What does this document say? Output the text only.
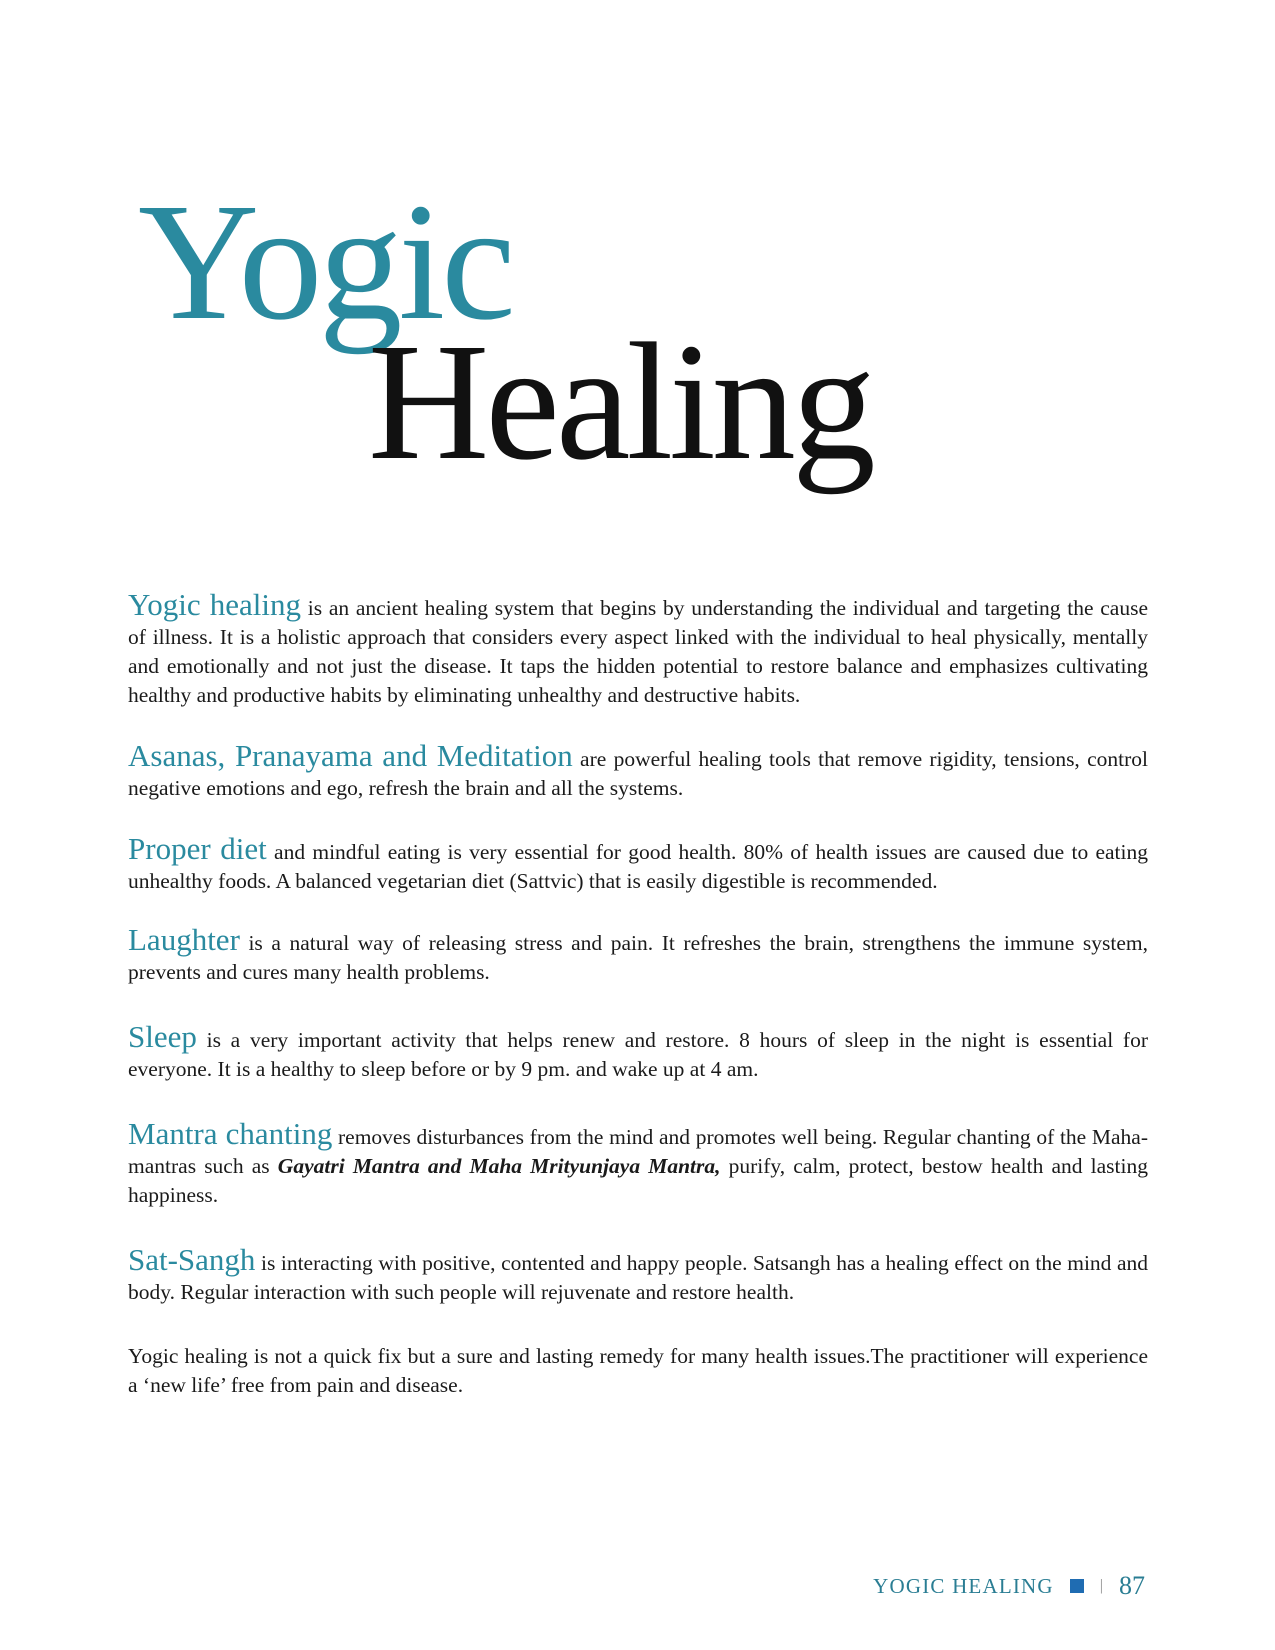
Yogic
Healing

Yogic healing is an ancient healing system that begins by understanding the individual and targeting the cause of illness. It is a holistic approach that considers every aspect linked with the individual to heal physically, mentally and emotionally and not just the disease. It taps the hidden potential to restore balance and emphasizes cultivating healthy and productive habits by eliminating unhealthy and destructive habits.

Asanas, Pranayama and Meditation are powerful healing tools that remove rigidity, tensions, control negative emotions and ego, refresh the brain and all the systems.

Proper diet and mindful eating is very essential for good health. 80% of health issues are caused due to eating unhealthy foods. A balanced vegetarian diet (Sattvic) that is easily digestible is recommended.

Laughter is a natural way of releasing stress and pain. It refreshes the brain, strengthens the immune system, prevents and cures many health problems.

Sleep is a very important activity that helps renew and restore. 8 hours of sleep in the night is essential for everyone. It is a healthy to sleep before or by 9 pm. and wake up at 4 am.

Mantra chanting removes disturbances from the mind and promotes well being. Regular chanting of the Maha-mantras such as Gayatri Mantra and Maha Mrityunjaya Mantra, purify, calm, protect, bestow health and lasting happiness.

Sat-Sangh is interacting with positive, contented and happy people. Satsangh has a healing effect on the mind and body. Regular interaction with such people will rejuvenate and restore health.

Yogic healing is not a quick fix but a sure and lasting remedy for many health issues.The practitioner will experience a ‘new life’ free from pain and disease.

YOGIC HEALING	| 87
